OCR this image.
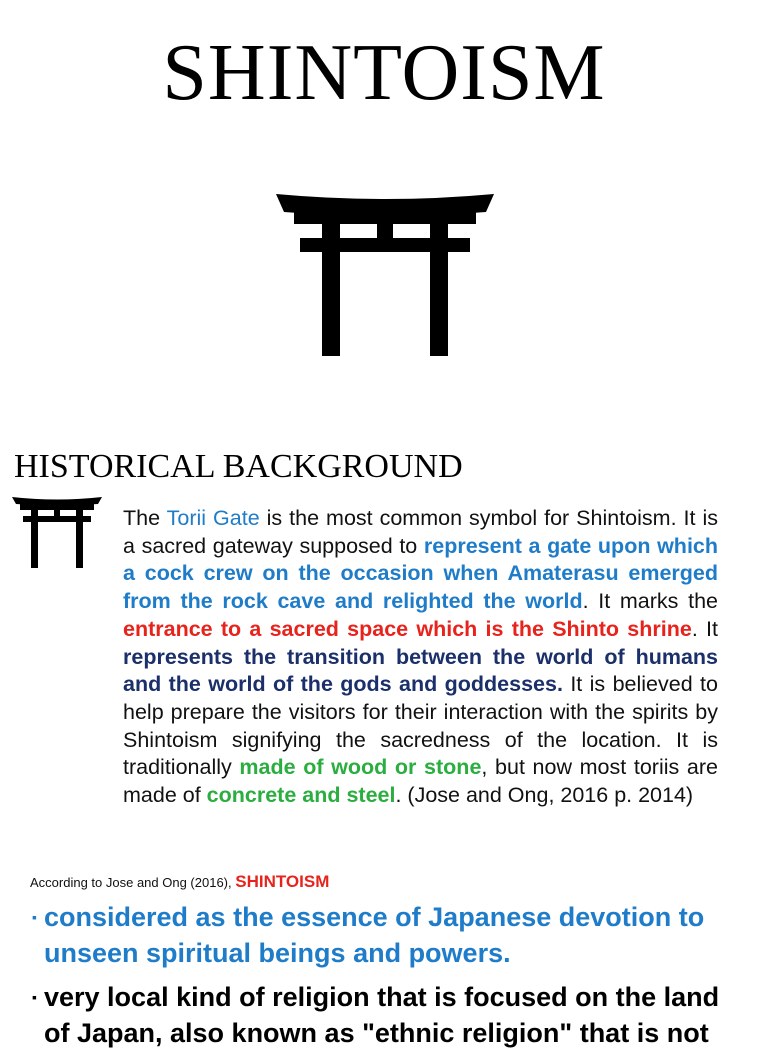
SHINTOISM
HISTORICAL BACKGROUND
The Torii Gate is the most common symbol for Shintoism. It is a sacred gateway supposed to represent a gate upon which a cock crew on the occasion when Amaterasu emerged from the rock cave and relighted the world. It marks the entrance to a sacred space which is the Shinto shrine. It represents the transition between the world of humans and the world of the gods and goddesses. It is believed to help prepare the visitors for their interaction with the spirits by Shintoism signifying the sacredness of the location. It is traditionally made of wood or stone, but now most toriis are made of concrete and steel. (Jose and Ong, 2016 p. 2014)
According to Jose and Ong (2016), SHINTOISM
▪ considered as the essence of Japanese devotion to unseen spiritual beings and powers.
▪ very local kind of religion that is focused on the land of Japan, also known as "ethnic religion" that is not
